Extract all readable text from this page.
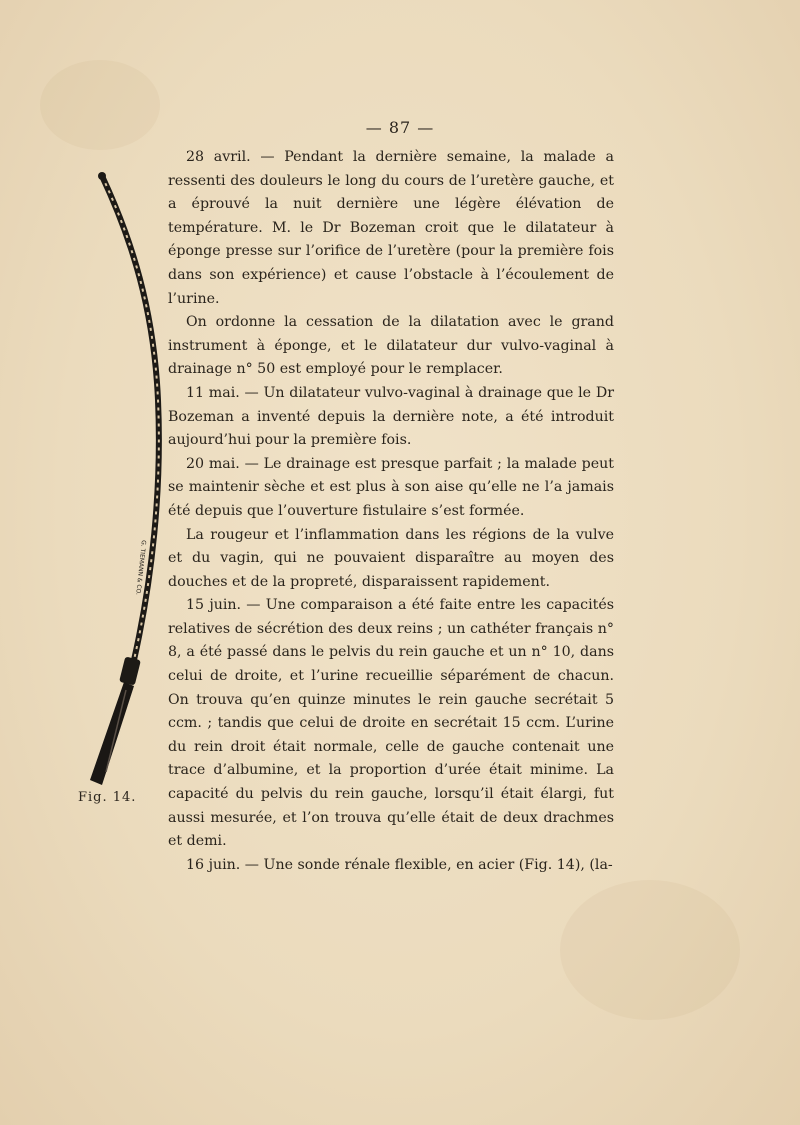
— 87 —
G. TIEMANN & CO.
Fig. 14.

28 avril. — Pendant la dernière semaine, la malade a ressenti des douleurs le long du cours de l’uretère gauche, et a éprouvé la nuit dernière une légère élévation de température. M. le Dr Bozeman croit que le dilatateur à éponge presse sur l’orifice de l’uretère (pour la première fois dans son expérience) et cause l’obstacle à l’écoulement de l’urine.

On ordonne la cessation de la dilatation avec le grand instrument à éponge, et le dilatateur dur vulvo-vaginal à drainage n° 50 est employé pour le remplacer.

11 mai. — Un dilatateur vulvo-vaginal à drainage que le Dr Bozeman a inventé depuis la dernière note, a été introduit aujourd’hui pour la première fois.

20 mai. — Le drainage est presque parfait ; la malade peut se maintenir sèche et est plus à son aise qu’elle ne l’a jamais été depuis que l’ouverture fistulaire s’est formée.

La rougeur et l’inflammation dans les régions de la vulve et du vagin, qui ne pouvaient disparaître au moyen des douches et de la propreté, disparaissent rapidement.

15 juin. — Une comparaison a été faite entre les capacités relatives de sécrétion des deux reins ; un cathéter français n° 8, a été passé dans le pelvis du rein gauche et un n° 10, dans celui de droite, et l’urine recueillie séparément de chacun. On trouva qu’en quinze minutes le rein gauche secrétait 5 ccm. ; tandis que celui de droite en secrétait 15 ccm. L’urine du rein droit était normale, celle de gauche contenait une trace d’albumine, et la proportion d’urée était minime. La capacité du pelvis du rein gauche, lorsqu’il était élargi, fut aussi mesurée, et l’on trouva qu’elle était de deux drachmes et demi.

16 juin. — Une sonde rénale flexible, en acier (Fig. 14), (la-
